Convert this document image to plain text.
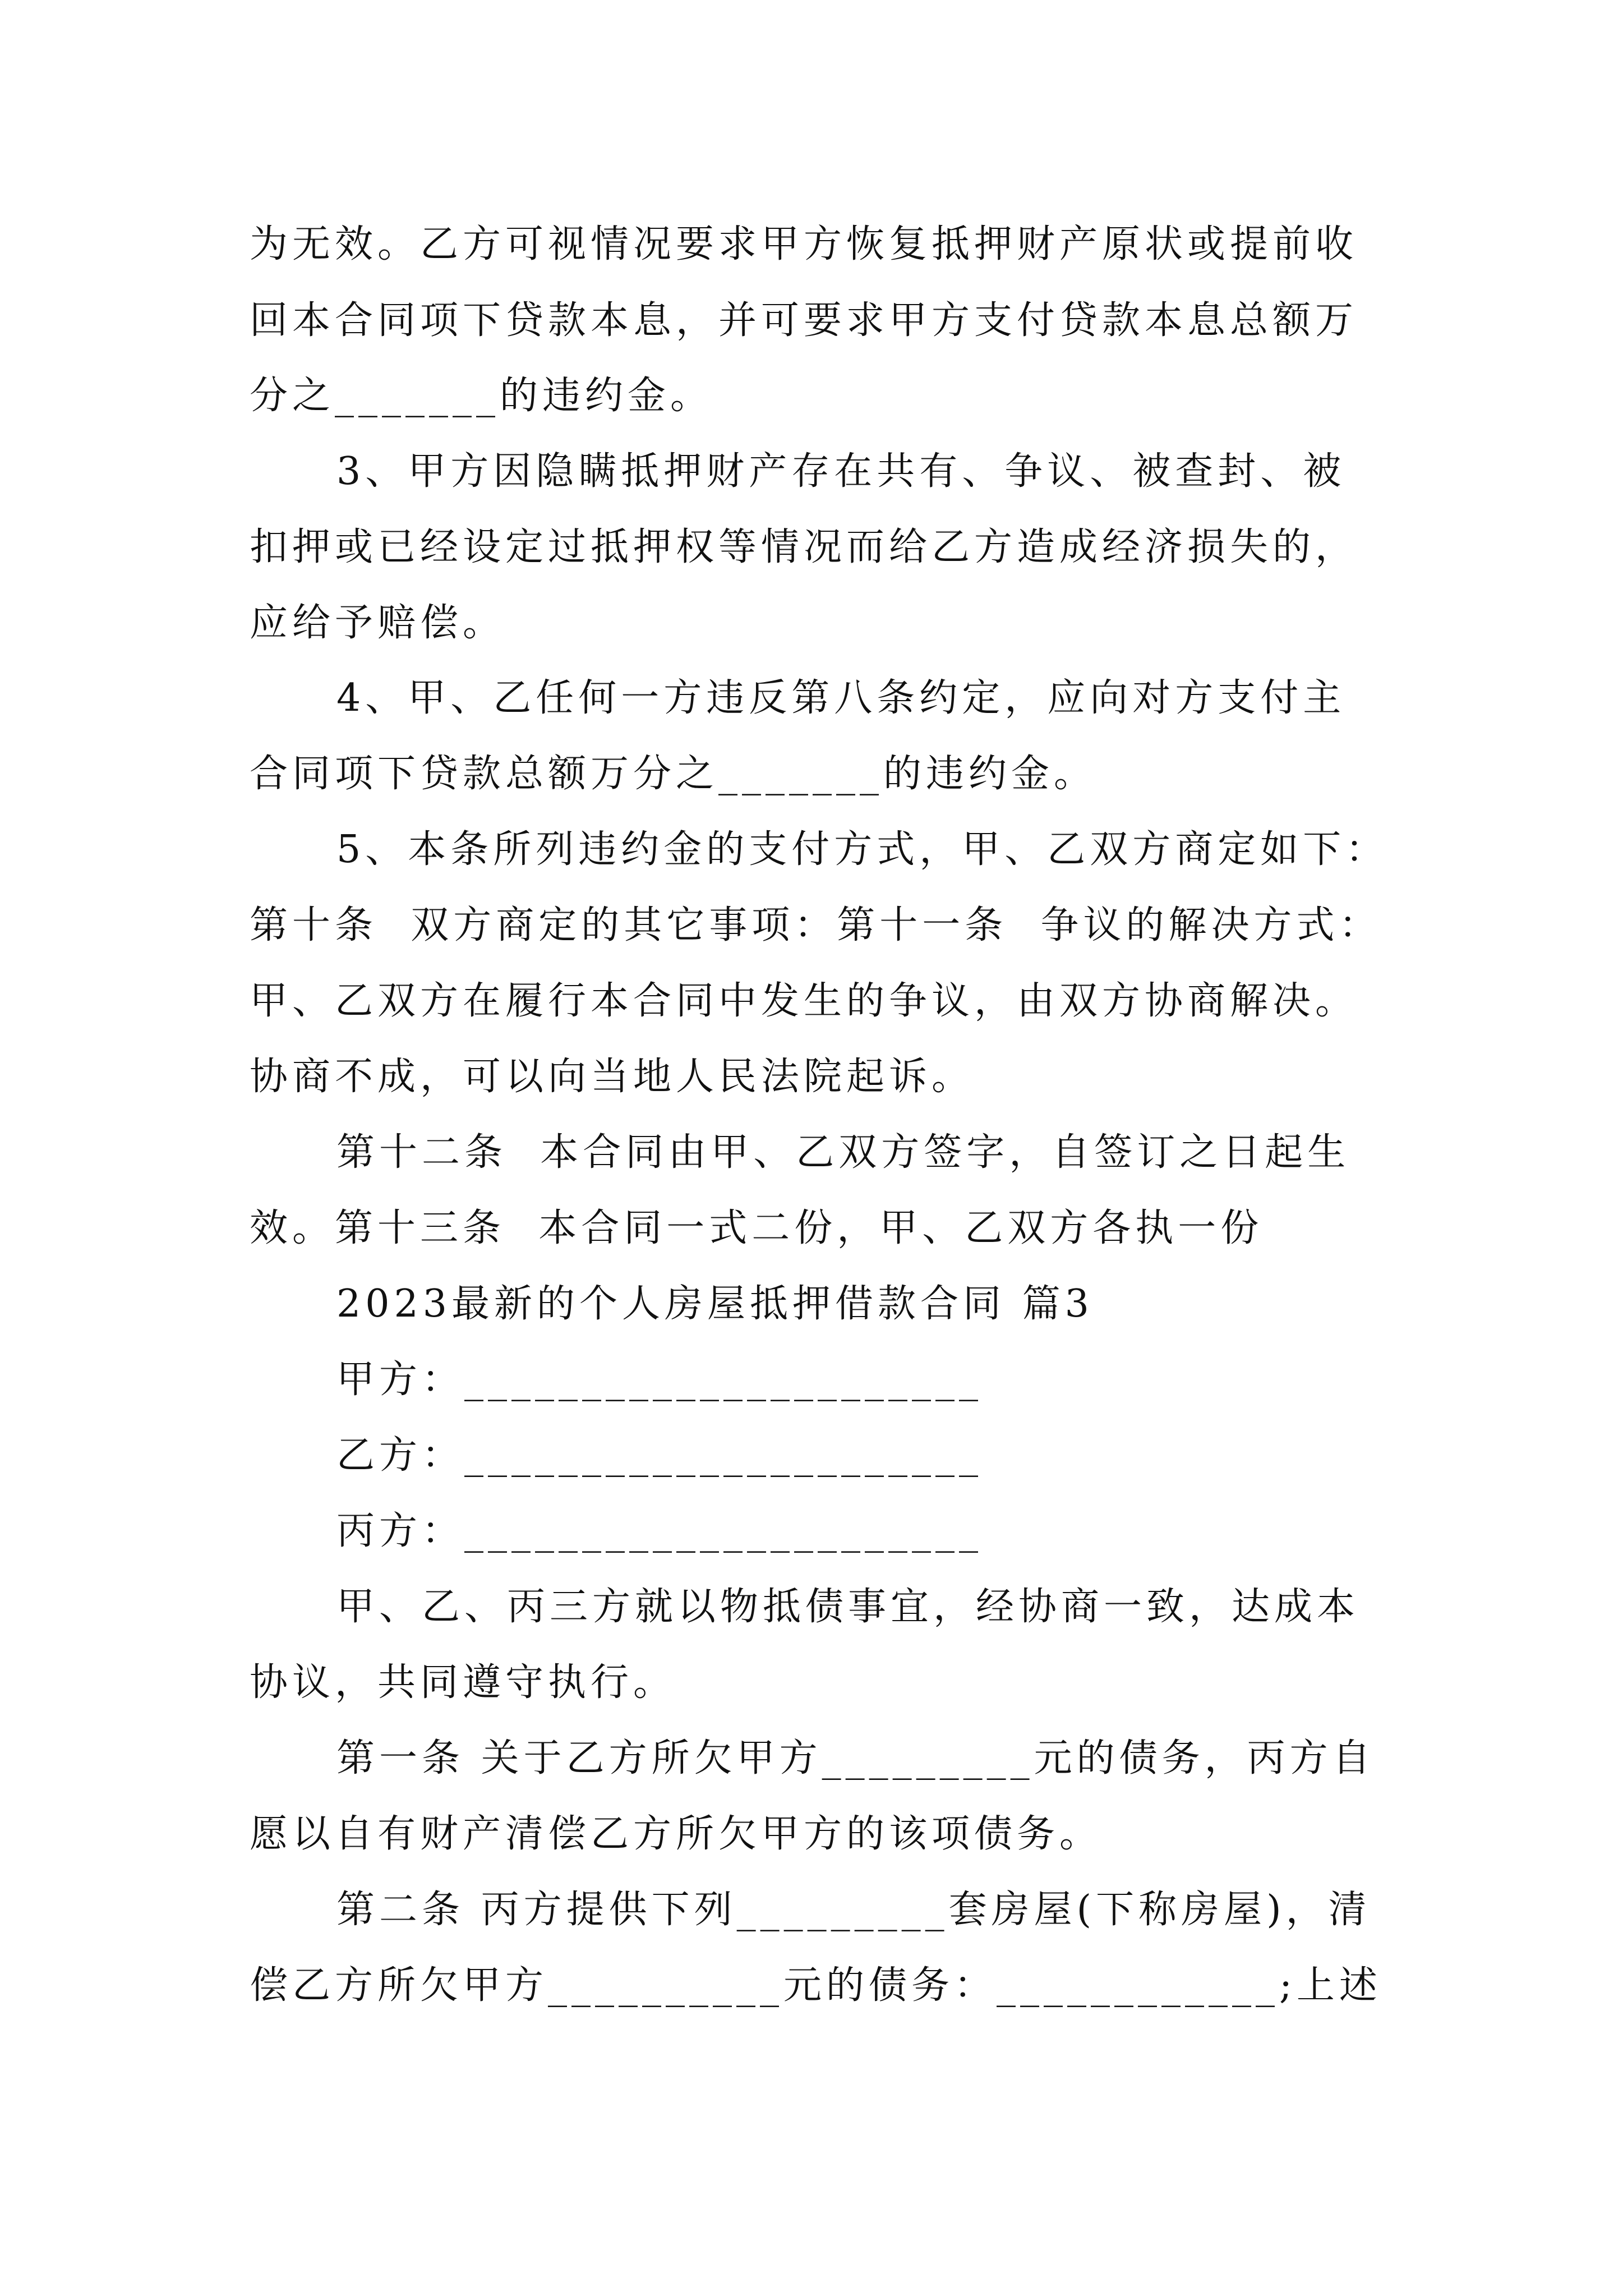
为无效。乙方可视情况要求甲方恢复抵押财产原状或提前收
回本合同项下贷款本息，并可要求甲方支付贷款本息总额万
分之_______的违约金。
3、甲方因隐瞒抵押财产存在共有、争议、被查封、被
扣押或已经设定过抵押权等情况而给乙方造成经济损失的，
应给予赔偿。
4、甲、乙任何一方违反第八条约定，应向对方支付主
合同项下贷款总额万分之_______的违约金。
5、本条所列违约金的支付方式，甲、乙双方商定如下：
第十条  双方商定的其它事项：第十一条  争议的解决方式：
甲、乙双方在履行本合同中发生的争议，由双方协商解决。
协商不成，可以向当地人民法院起诉。
第十二条  本合同由甲、乙双方签字，自签订之日起生
效。第十三条  本合同一式二份，甲、乙双方各执一份
2023最新的个人房屋抵押借款合同 篇3
甲方：______________________
乙方：______________________
丙方：______________________
甲、乙、丙三方就以物抵债事宜，经协商一致，达成本
协议，共同遵守执行。
第一条 关于乙方所欠甲方_________元的债务，丙方自
愿以自有财产清偿乙方所欠甲方的该项债务。
第二条 丙方提供下列_________套房屋(下称房屋)，清
偿乙方所欠甲方__________元的债务：____________;上述
